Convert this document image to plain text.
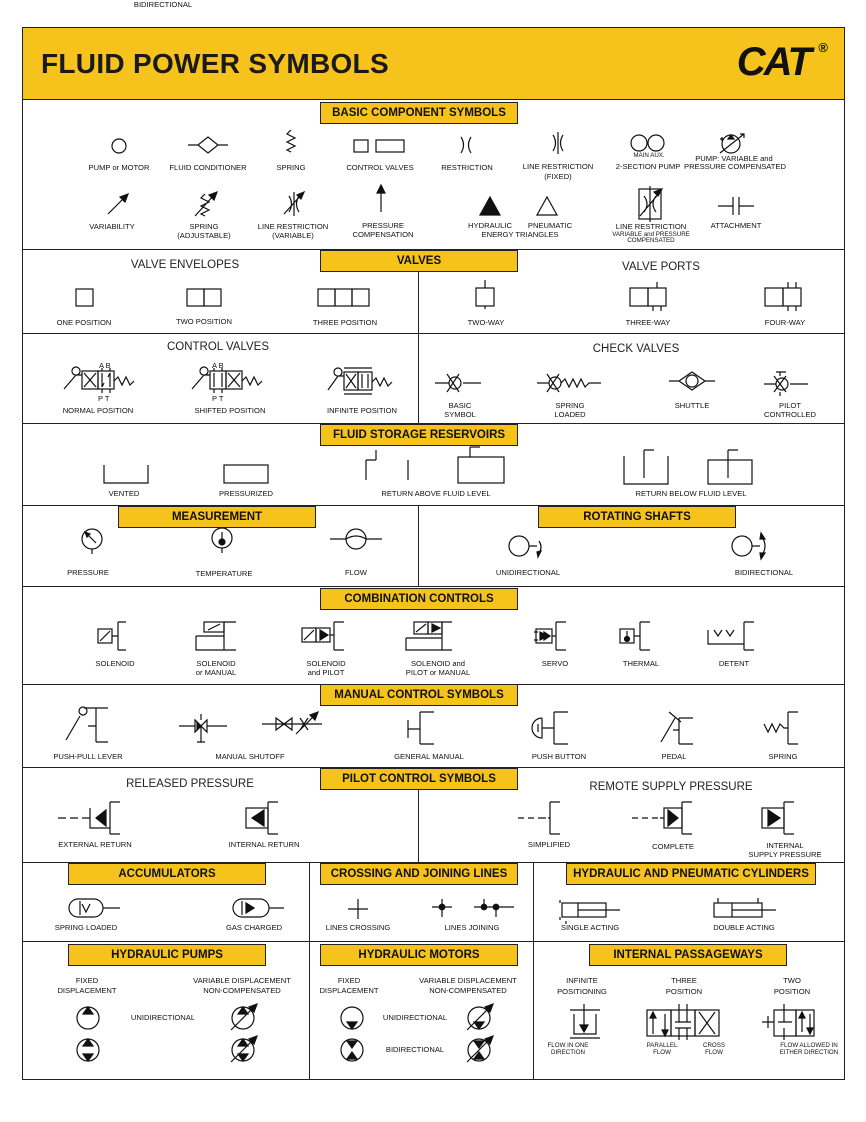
FLUID POWER SYMBOLS	CAT ®
BASIC COMPONENT SYMBOLS
VALVES
FLUID STORAGE RESERVOIRS
MEASUREMENT	ROTATING SHAFTS
COMBINATION CONTROLS
MANUAL CONTROL SYMBOLS
PILOT CONTROL SYMBOLS
ACCUMULATORS	CROSSING AND JOINING LINES	HYDRAULIC AND PNEUMATIC CYLINDERS
HYDRAULIC PUMPS	HYDRAULIC MOTORS	INTERNAL PASSAGEWAYS
VALVE ENVELOPES	VALVE PORTS
CONTROL VALVES	CHECK VALVES
RELEASED PRESSURE	REMOTE SUPPLY PRESSURE
PUMP or MOTOR	FLUID CONDITIONER	SPRING	CONTROL VALVES	RESTRICTION	LINE RESTRICTION
(FIXED)
MAIN AUX.
2-SECTION PUMP
PUMP: VARIABLE and
PRESSURE COMPENSATED
VARIABILITY	SPRING
(ADJUSTABLE)
LINE RESTRICTION
(VARIABLE)
PRESSURE
COMPENSATION
HYDRAULIC	PNEUMATIC
ENERGY TRIANGLES
LINE RESTRICTION
VARIABLE and PRESSURE
COMPENSATED
ATTACHMENT
ONE POSITION	TWO POSITION	THREE POSITION	TWO-WAY	THREE-WAY	FOUR-WAY
A B
P T
NORMAL POSITION
A B
P T
SHIFTED POSITION	INFINITE POSITION
BASIC
SYMBOL
SPRING
LOADED
SHUTTLE	PILOT
CONTROLLED
VENTED	PRESSURIZED	RETURN ABOVE FLUID LEVEL	RETURN BELOW FLUID LEVEL
PRESSURE	TEMPERATURE	FLOW	UNIDIRECTIONAL	BIDIRECTIONAL
SOLENOID	SOLENOID
or MANUAL
SOLENOID
and PILOT
SOLENOID and
PILOT or MANUAL
SERVO	THERMAL	DETENT
PUSH-PULL LEVER	MANUAL SHUTOFF	GENERAL MANUAL	PUSH BUTTON	PEDAL	SPRING
EXTERNAL RETURN	INTERNAL RETURN	SIMPLIFIED	COMPLETE	INTERNAL
SUPPLY PRESSURE
SPRING LOADED	GAS CHARGED	LINES CROSSING	LINES JOINING	SINGLE ACTING	DOUBLE ACTING
FIXED
DISPLACEMENT
VARIABLE DISPLACEMENT
NON-COMPENSATED
UNIDIRECTIONAL
BIDIRECTIONAL
FIXED
DISPLACEMENT
VARIABLE DISPLACEMENT
NON-COMPENSATED
UNIDIRECTIONAL
BIDIRECTIONAL
INFINITE
POSITIONING
THREE
POSITION
TWO
POSITION
FLOW IN ONE
DIRECTION
PARALLEL
FLOW
CROSS
FLOW
FLOW ALLOWED IN
EITHER DIRECTION
